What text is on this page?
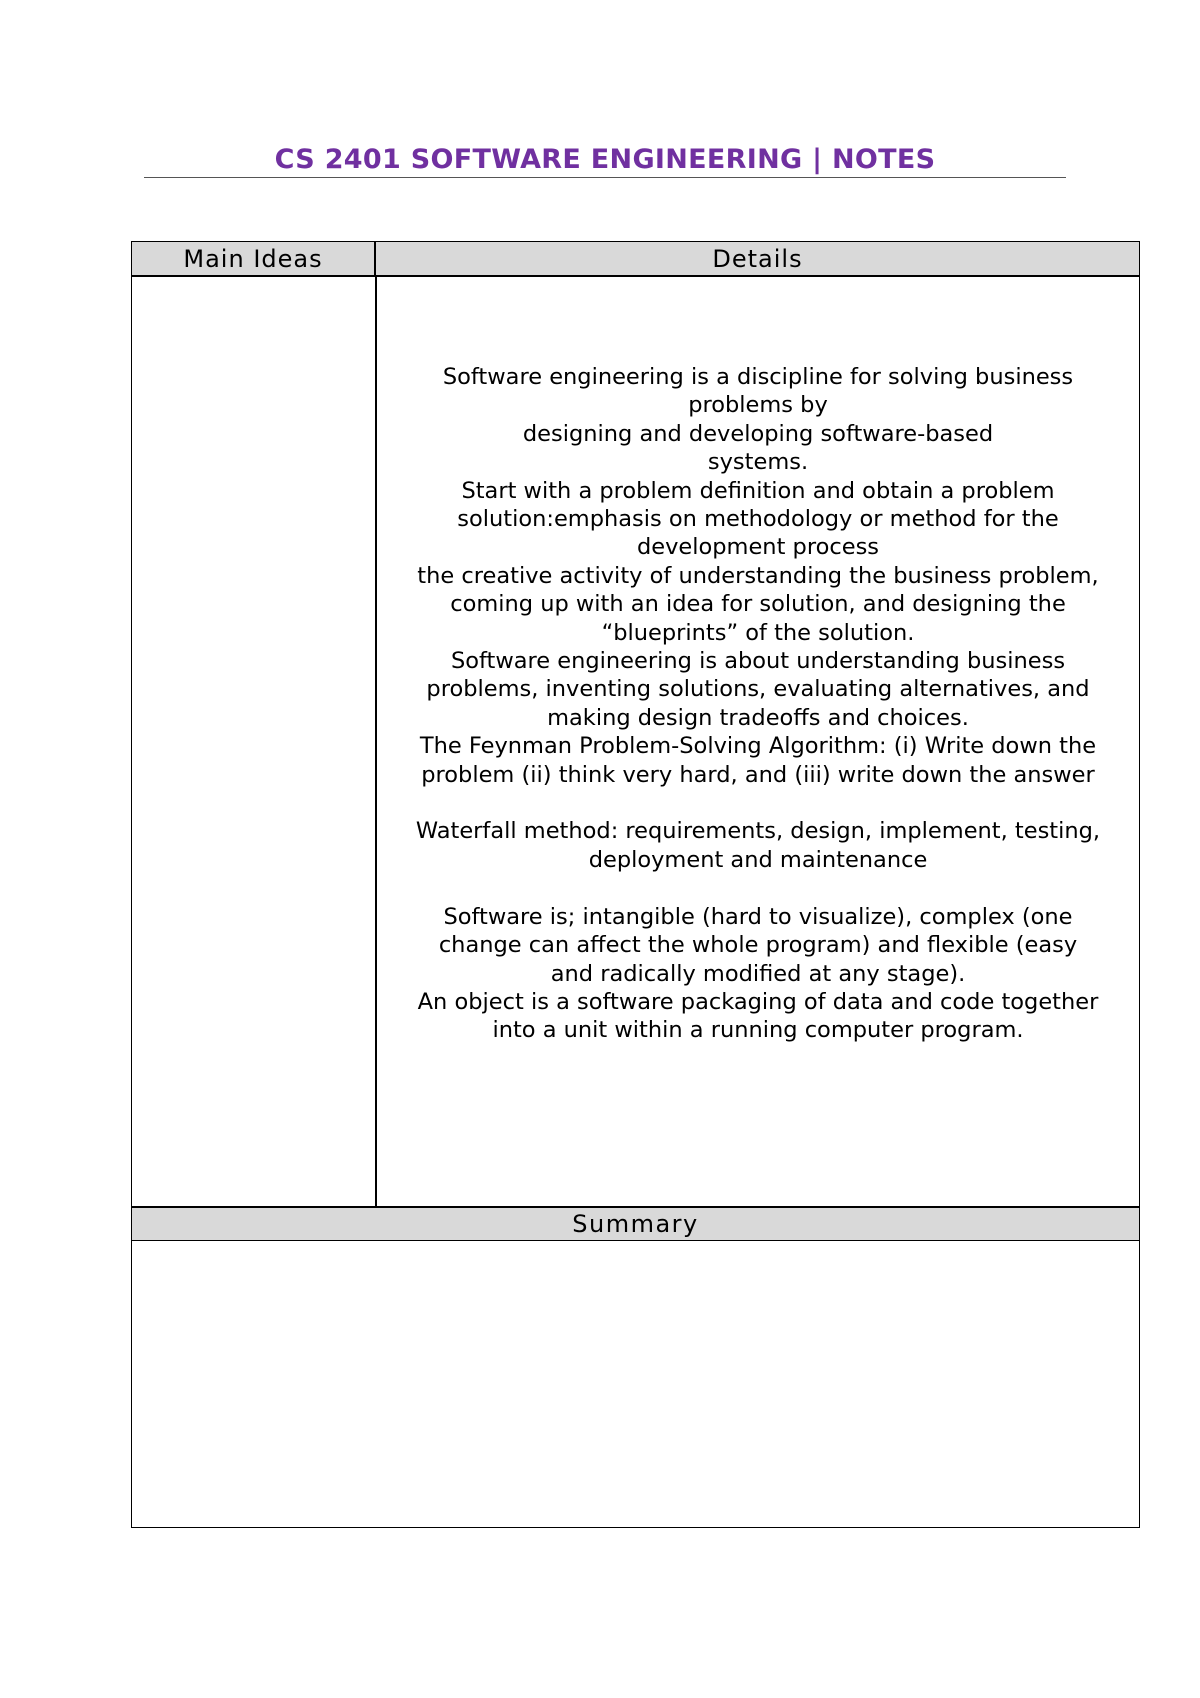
CS 2401 SOFTWARE ENGINEERING | NOTES
Main Ideas	Details
Software engineering is a discipline for solving business
problems by
designing and developing software-based
systems.
Start with a problem definition and obtain a problem
solution:emphasis on methodology or method for the
development process
the creative activity of understanding the business problem,
coming up with an idea for solution, and designing the
“blueprints” of the solution.
Software engineering is about understanding business
problems, inventing solutions, evaluating alternatives, and
making design tradeoffs and choices.
The Feynman Problem-Solving Algorithm: (i) Write down the
problem (ii) think very hard, and (iii) write down the answer
Waterfall method: requirements, design, implement, testing,
deployment and maintenance
Software is; intangible (hard to visualize), complex (one
change can affect the whole program) and flexible (easy
and radically modified at any stage).
An object is a software packaging of data and code together
into a unit within a running computer program.
Summary
